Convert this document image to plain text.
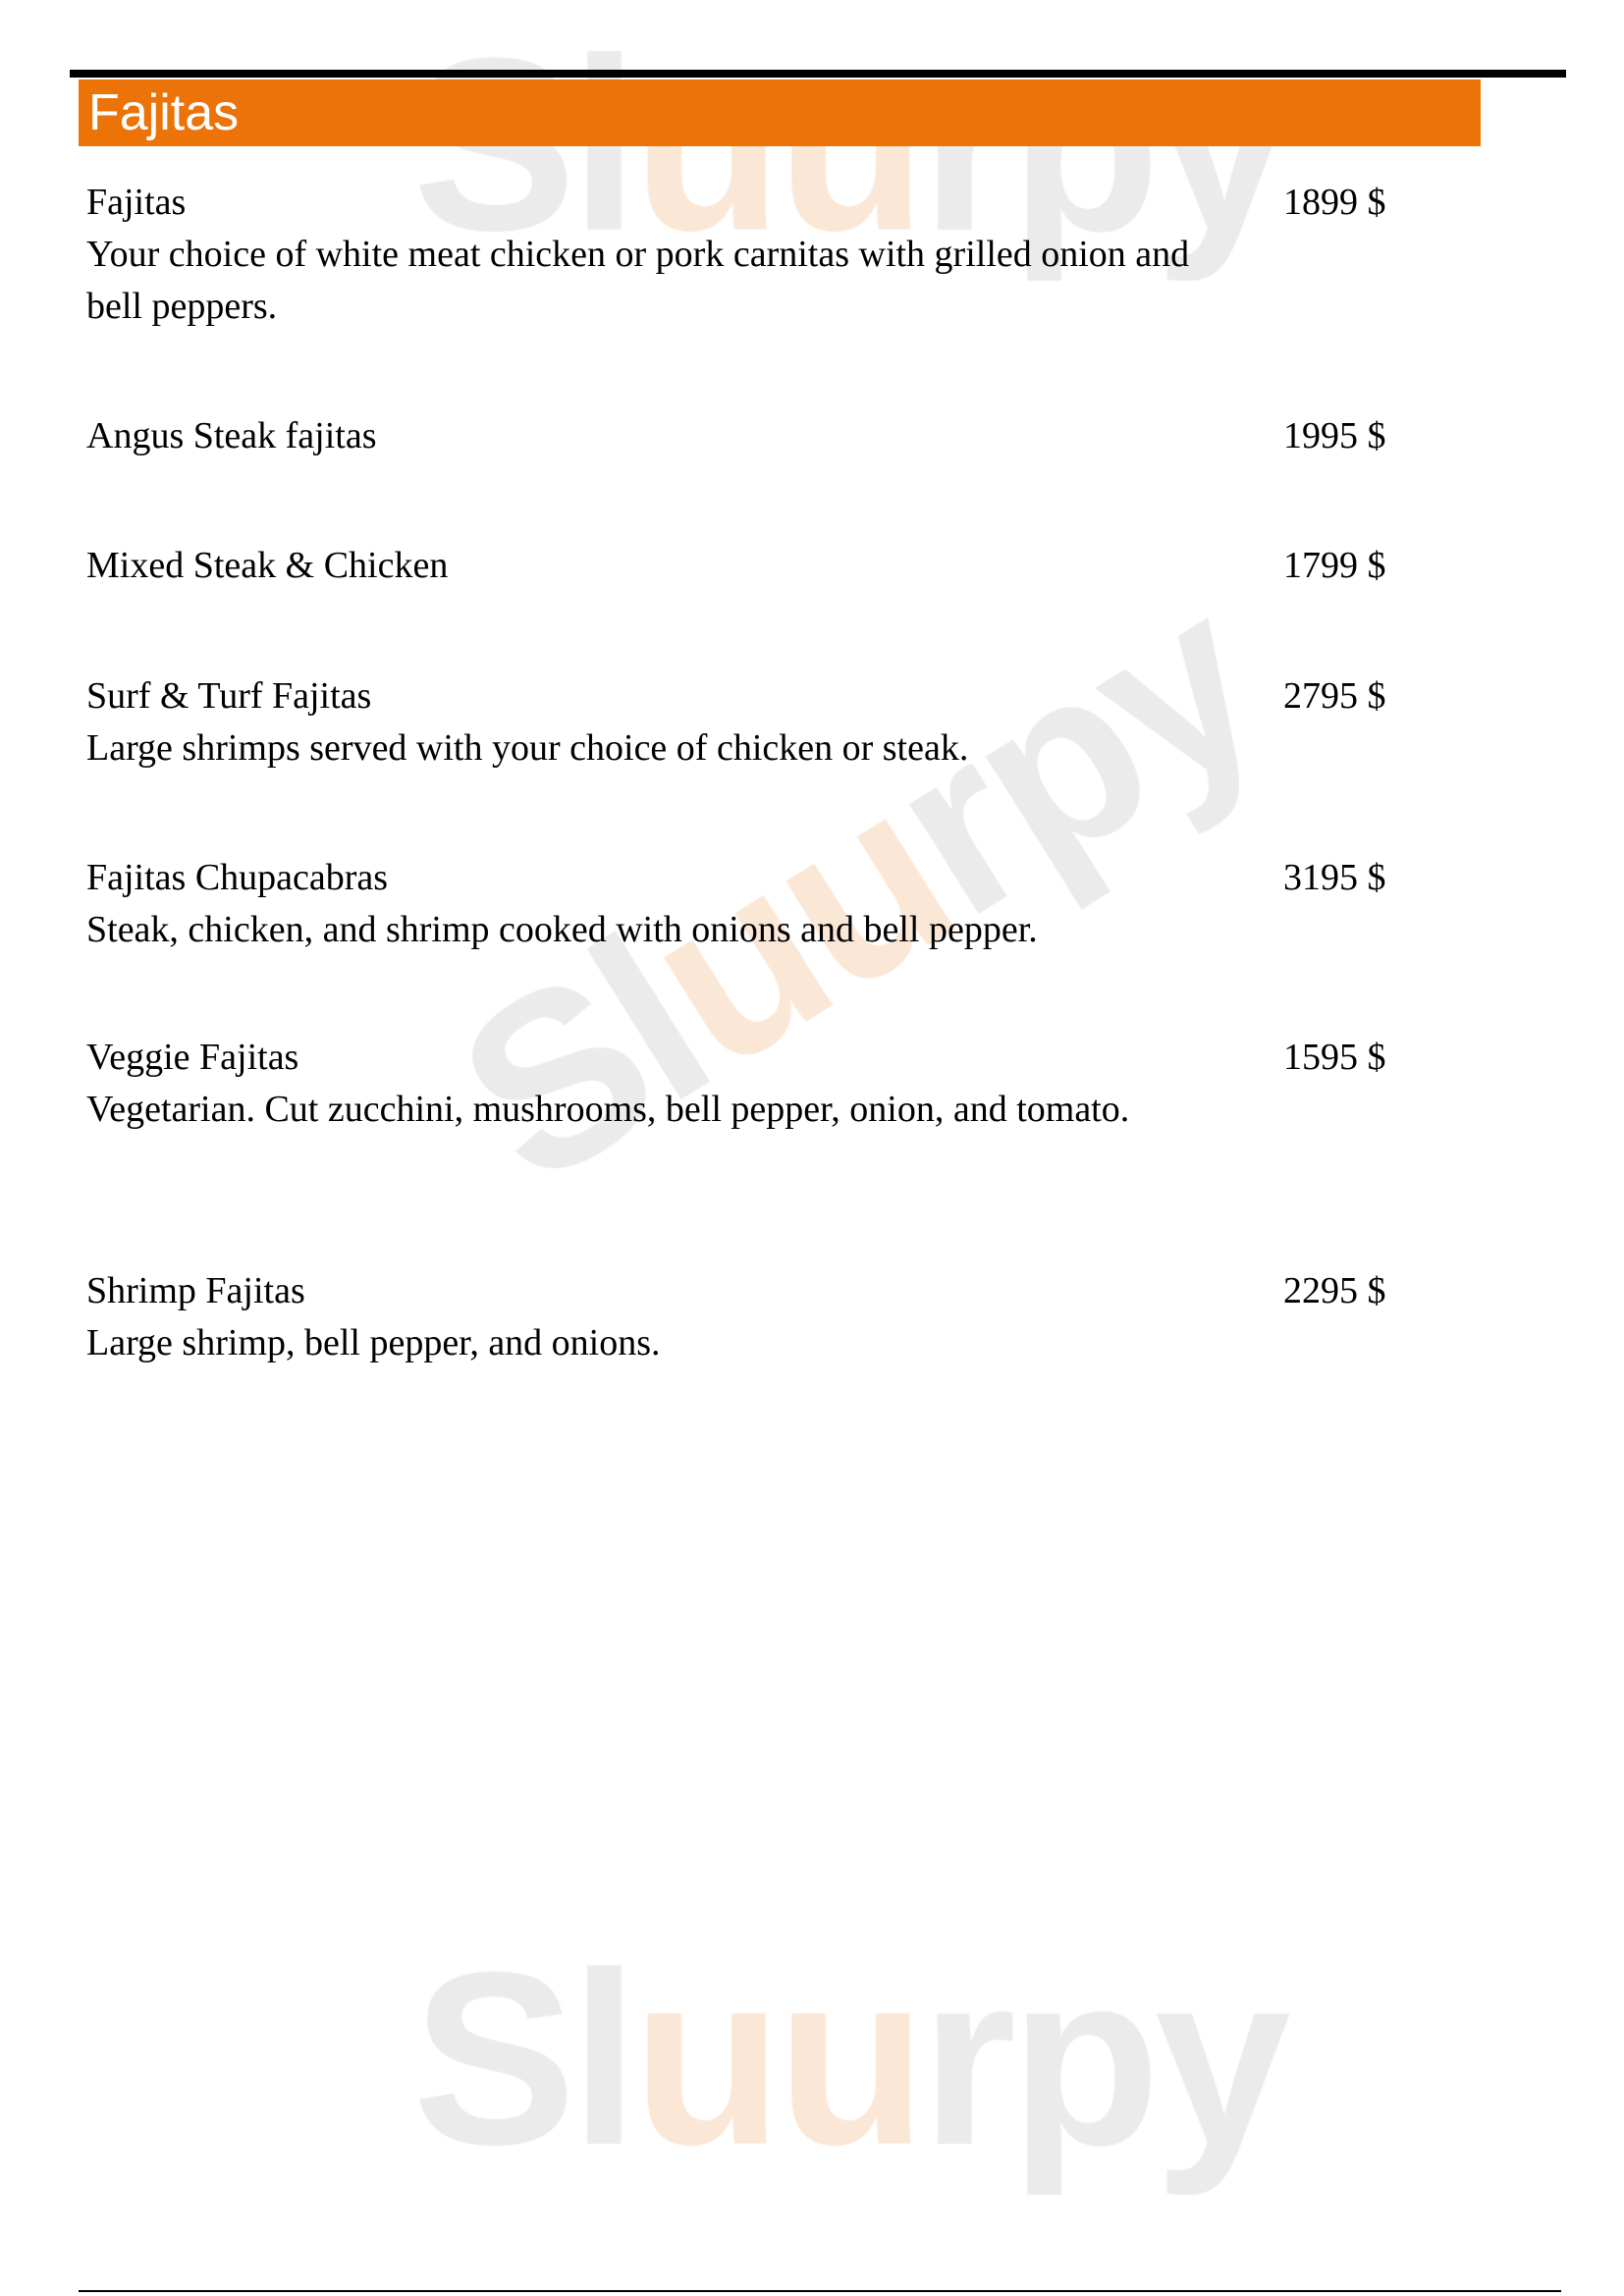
Fajitas
Fajitas
Your choice of white meat chicken or pork carnitas with grilled onion and bell peppers.
1899 $
Angus Steak fajitas	1995 $
Mixed Steak & Chicken	1799 $
Surf & Turf Fajitas
Large shrimps served with your choice of chicken or steak.
2795 $
Fajitas Chupacabras
Steak, chicken, and shrimp cooked with onions and bell pepper.
3195 $
Veggie Fajitas
Vegetarian. Cut zucchini, mushrooms, bell pepper, onion, and tomato.
1595 $
Shrimp Fajitas
Large shrimp, bell pepper, and onions.
2295 $
